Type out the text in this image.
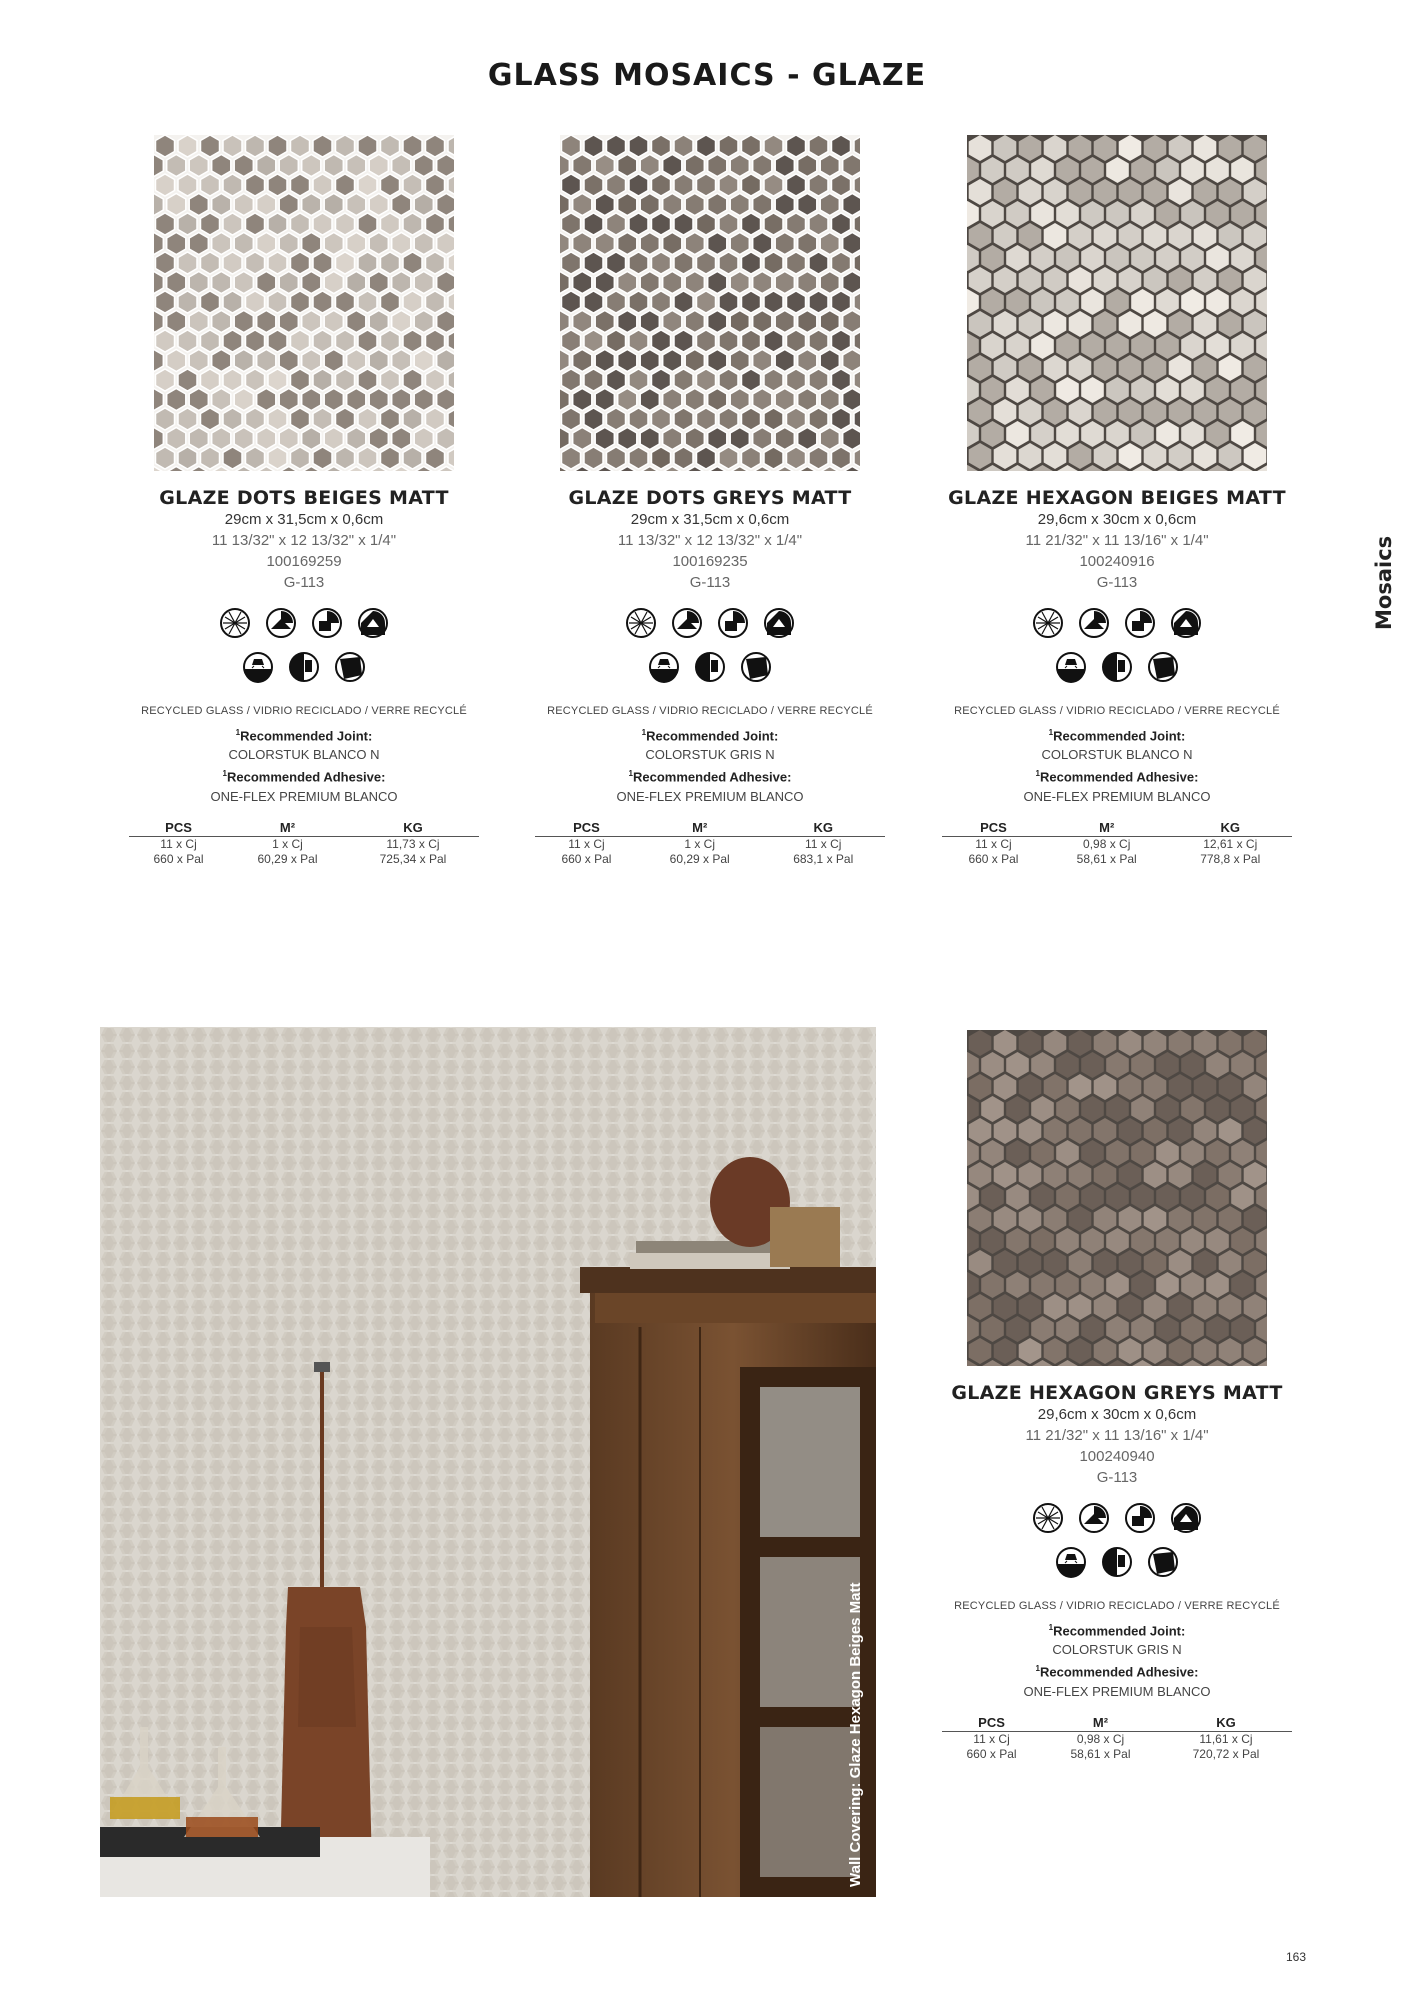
GLASS MOSAICS - GLAZE
GLAZE DOTS BEIGES MATT
29cm x 31,5cm x 0,6cm
11 13/32" x 12 13/32" x 1/4"
100169259
G-113
RECYCLED GLASS / VIDRIO RECICLADO / VERRE RECYCLÉ
$^1$Recommended Joint:
COLORSTUK BLANCO N
$^1$Recommended Adhesive:
ONE-FLEX PREMIUM BLANCO
PCS	M²	KG
11 x Cj	1 x Cj	11,73 x Cj
660 x Pal	60,29 x Pal	725,34 x Pal
GLAZE DOTS GREYS MATT
29cm x 31,5cm x 0,6cm
11 13/32" x 12 13/32" x 1/4"
100169235
G-113
RECYCLED GLASS / VIDRIO RECICLADO / VERRE RECYCLÉ
$^1$Recommended Joint:
COLORSTUK GRIS N
$^1$Recommended Adhesive:
ONE-FLEX PREMIUM BLANCO
PCS	M²	KG
11 x Cj	1 x Cj	11 x Cj
660 x Pal	60,29 x Pal	683,1 x Pal
GLAZE HEXAGON BEIGES MATT
29,6cm x 30cm x 0,6cm
11 21/32" x 11 13/16" x 1/4"
100240916
G-113
RECYCLED GLASS / VIDRIO RECICLADO / VERRE RECYCLÉ
$^1$Recommended Joint:
COLORSTUK BLANCO N
$^1$Recommended Adhesive:
ONE-FLEX PREMIUM BLANCO
PCS	M²	KG
11 x Cj	0,98 x Cj	12,61 x Cj
660 x Pal	58,61 x Pal	778,8 x Pal
GLAZE HEXAGON GREYS MATT
29,6cm x 30cm x 0,6cm
11 21/32" x 11 13/16" x 1/4"
100240940
G-113
RECYCLED GLASS / VIDRIO RECICLADO / VERRE RECYCLÉ
$^1$Recommended Joint:
COLORSTUK GRIS N
$^1$Recommended Adhesive:
ONE-FLEX PREMIUM BLANCO
PCS	M²	KG
11 x Cj	0,98 x Cj	11,61 x Cj
660 x Pal	58,61 x Pal	720,72 x Pal
Wall Covering: Glaze Hexagon Beiges Matt
Mosaics
163
